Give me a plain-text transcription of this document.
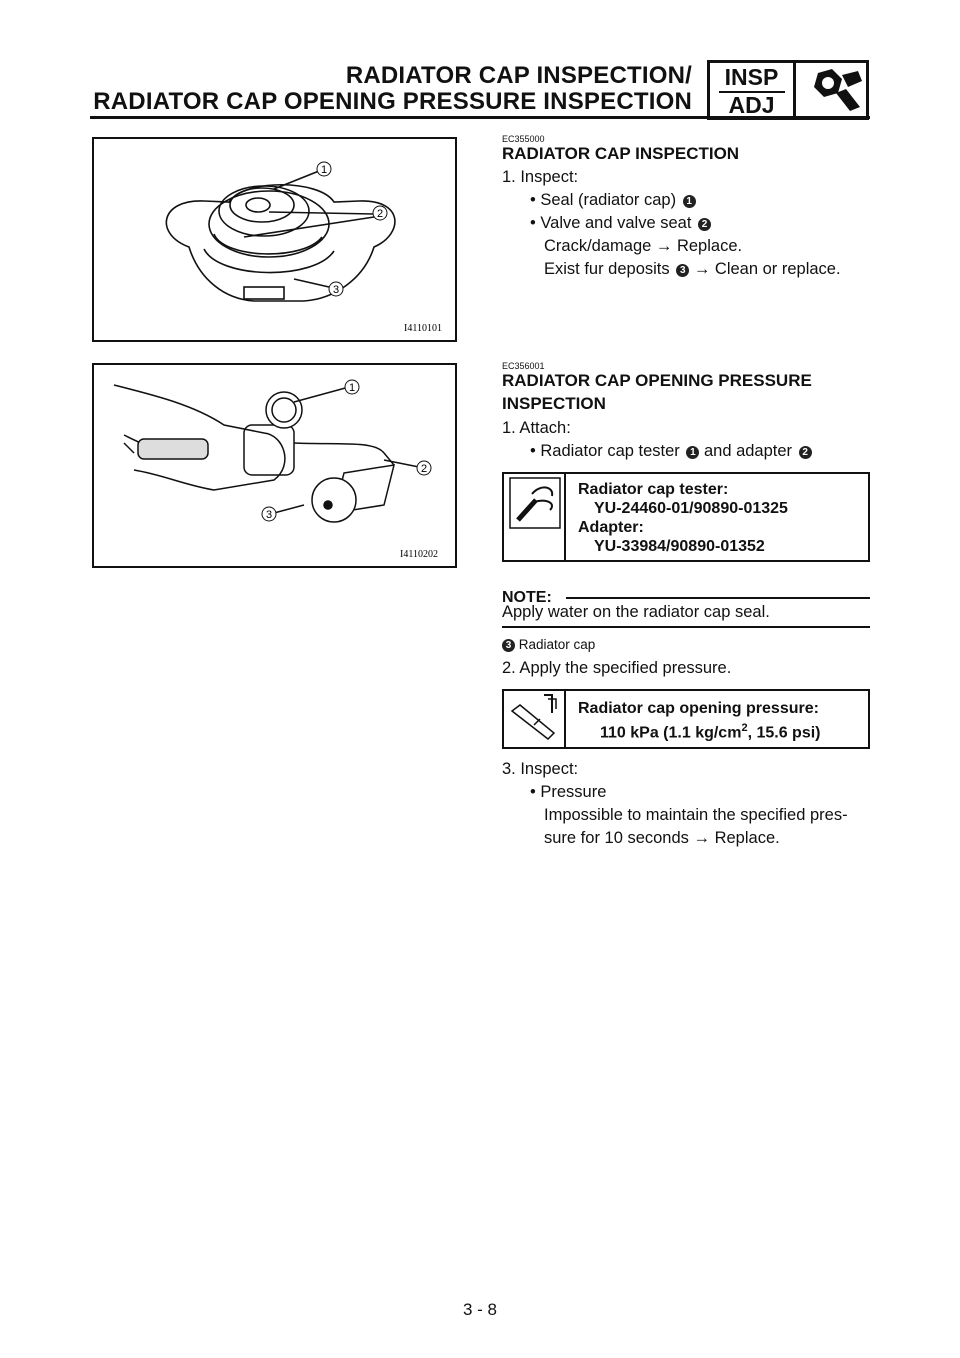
RADIATOR CAP INSPECTION/
RADIATOR CAP OPENING PRESSURE INSPECTION
INSP
ADJ
1
2
3
I4110101
1
2
3
I4110202
EC355000
RADIATOR CAP INSPECTION
1. Inspect:
• Seal (radiator cap) 1
• Valve and valve seat 2
Crack/damage → Replace.
Exist fur deposits 3 → Clean or replace.
EC356001
RADIATOR CAP OPENING PRESSURE
INSPECTION
1. Attach:
• Radiator cap tester 1 and adapter 2
Radiator cap tester:
YU-24460-01/90890-01325
Adapter:
YU-33984/90890-01352
NOTE:
Apply water on the radiator cap seal.
3 Radiator cap
2. Apply the specified pressure.
Radiator cap opening pressure:
110 kPa (1.1 $kg/cm^2$, 15.6 psi)
3. Inspect:
• Pressure
Impossible to maintain the specified pres-
sure for 10 seconds → Replace.
3 - 8
